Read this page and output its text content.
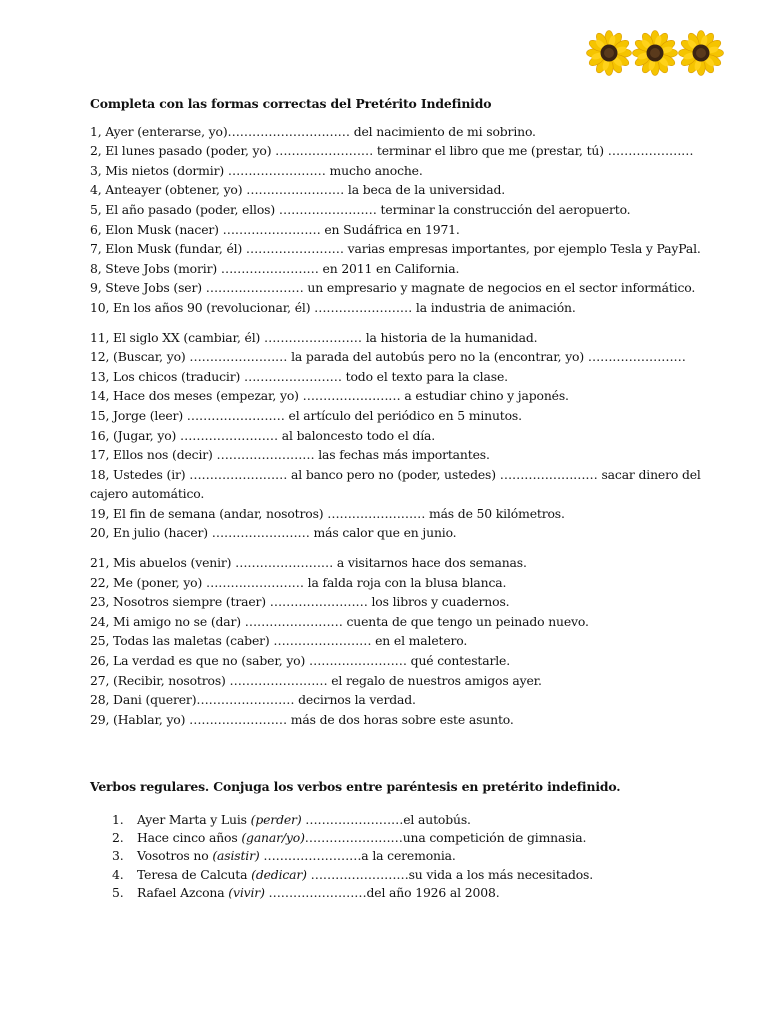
Completa con las formas correctas del Pretérito Indefinido

1, Ayer (enterarse, yo)………………………… del nacimiento de mi sobrino.

2, El lunes pasado (poder, yo) …………………… terminar el libro que me (prestar, tú) …………………

3, Mis nietos (dormir) …………………… mucho anoche.

4, Anteayer (obtener, yo) …………………… la beca de la universidad.

5, El año pasado (poder, ellos) …………………… terminar la construcción del aeropuerto.

6, Elon Musk (nacer) …………………… en Sudáfrica en 1971.

7, Elon Musk (fundar, él) …………………… varias empresas importantes, por ejemplo Tesla y PayPal.

8, Steve Jobs (morir) …………………… en 2011 en California.

9, Steve Jobs (ser) …………………… un empresario y magnate de negocios en el sector informático.

10, En los años 90 (revolucionar, él) …………………… la industria de animación.

11, El siglo XX (cambiar, él) …………………… la historia de la humanidad.

12, (Buscar, yo) …………………… la parada del autobús pero no la (encontrar, yo) ……………………

13, Los chicos (traducir) …………………… todo el texto para la clase.

14, Hace dos meses (empezar, yo) …………………… a estudiar chino y japonés.

15, Jorge (leer) …………………… el artículo del periódico en 5 minutos.

16, (Jugar, yo) …………………… al baloncesto todo el día.

17, Ellos nos (decir) …………………… las fechas más importantes.

18, Ustedes (ir) …………………… al banco pero no (poder, ustedes) …………………… sacar dinero del cajero automático.

19, El fin de semana (andar, nosotros) …………………… más de 50 kilómetros.

20, En julio (hacer) …………………… más calor que en junio.

21, Mis abuelos (venir) …………………… a visitarnos hace dos semanas.

22, Me (poner, yo) …………………… la falda roja con la blusa blanca.

23, Nosotros siempre (traer) …………………… los libros y cuadernos.

24, Mi amigo no se (dar) …………………… cuenta de que tengo un peinado nuevo.

25, Todas las maletas (caber) …………………… en el maletero.

26, La verdad es que no (saber, yo) …………………… qué contestarle.

27, (Recibir, nosotros) …………………… el regalo de nuestros amigos ayer.

28, Dani (querer)…………………… decirnos la verdad.

29, (Hablar, yo) …………………… más de dos horas sobre este asunto.

Verbos regulares. Conjuga los verbos entre paréntesis en pretérito indefinido.

1. Ayer Marta y Luis (perder) ……………………el autobús.
2. Hace cinco años (ganar/yo)……………………una competición de gimnasia.
3. Vosotros no (asistir) ……………………a la ceremonia.
4. Teresa de Calcuta (dedicar) ……………………su vida a los más necesitados.
5. Rafael Azcona (vivir) ……………………del año 1926 al 2008.
